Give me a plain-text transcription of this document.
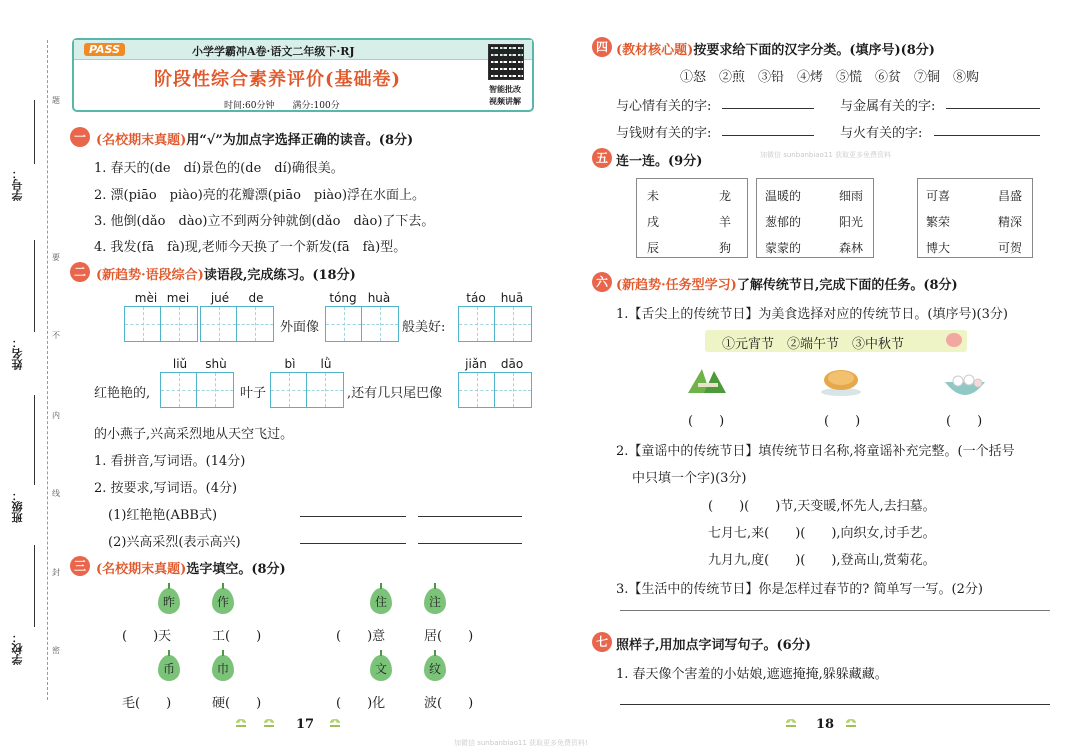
题
要
不
内
线
封
密
学号：
姓名：
班级：
学校：
PASS	小学学霸冲A卷·语文二年级下·RJ
阶段性综合素养评价(基础卷)
时间:60分钟　　满分:100分
智能批改
视频讲解
一 (名校期末真题)用“√”为加点字选择正确的读音。(8分)
1. 春天的(de　dí)景色的(de　dí)确很美。
2. 漂(piāo　piào)亮的花瓣漂(piāo　piào)浮在水面上。
3. 他倒(dǎo　dào)立不到两分钟就倒(dǎo　dào)了下去。
4. 我发(fā　fà)现,老师今天换了一个新发(fā　fà)型。
二 (新趋势·语段综合)读语段,完成练习。(18分)
mèi mei	jué	de	tóng huà	táo	huā
外面像	般美好:
liǔ	shù	bì	lǜ	jiǎn	dāo
红艳艳的,	叶子	,还有几只尾巴像
的小燕子,兴高采烈地从天空飞过。
1. 看拼音,写词语。(14分)
2. 按要求,写词语。(4分)
(1)红艳艳(ABB式)
(2)兴高采烈(表示高兴)
三 (名校期末真题)选字填空。(8分)
昨	作	住	注
(　　)天	工(　　)	(　　)意	居(　　)
币	巾	文	纹
毛(　　)	硬(　　)	(　　)化	波(　　)
17
四 (教材核心题)按要求给下面的汉字分类。(填序号)(8分)
①怒　②煎　③铅　④烤　⑤慌　⑥贫　⑦铜　⑧购
与心情有关的字:	与金属有关的字:
与钱财有关的字:	与火有关的字:
五 连一连。(9分)	加微信 sunbanbiao11 获取更多免费资料
未	龙
戌	羊
辰	狗
温暖的	细雨
葱郁的	阳光
蒙蒙的	森林
可喜	昌盛
繁荣	精深
博大	可贺
六 (新趋势·任务型学习)了解传统节日,完成下面的任务。(8分)
1.【舌尖上的传统节日】为美食选择对应的传统节日。(填序号)(3分)
①元宵节　②端午节　③中秋节
(　　)	(　　)	(　　)
2.【童谣中的传统节日】填传统节日名称,将童谣补充完整。(一个括号
中只填一个字)(3分)
(　　)(　　)节,天变暖,怀先人,去扫墓。
七月七,来(　　)(　　),向织女,讨手艺。
九月九,度(　　)(　　),登高山,赏菊花。
3.【生活中的传统节日】你是怎样过春节的? 简单写一写。(2分)
七 照样子,用加点字词写句子。(6分)
1. 春天像个害羞的小姑娘,遮遮掩掩,躲躲藏藏。
18
加微信 sunbanbiao11 获取更多免费资料!
